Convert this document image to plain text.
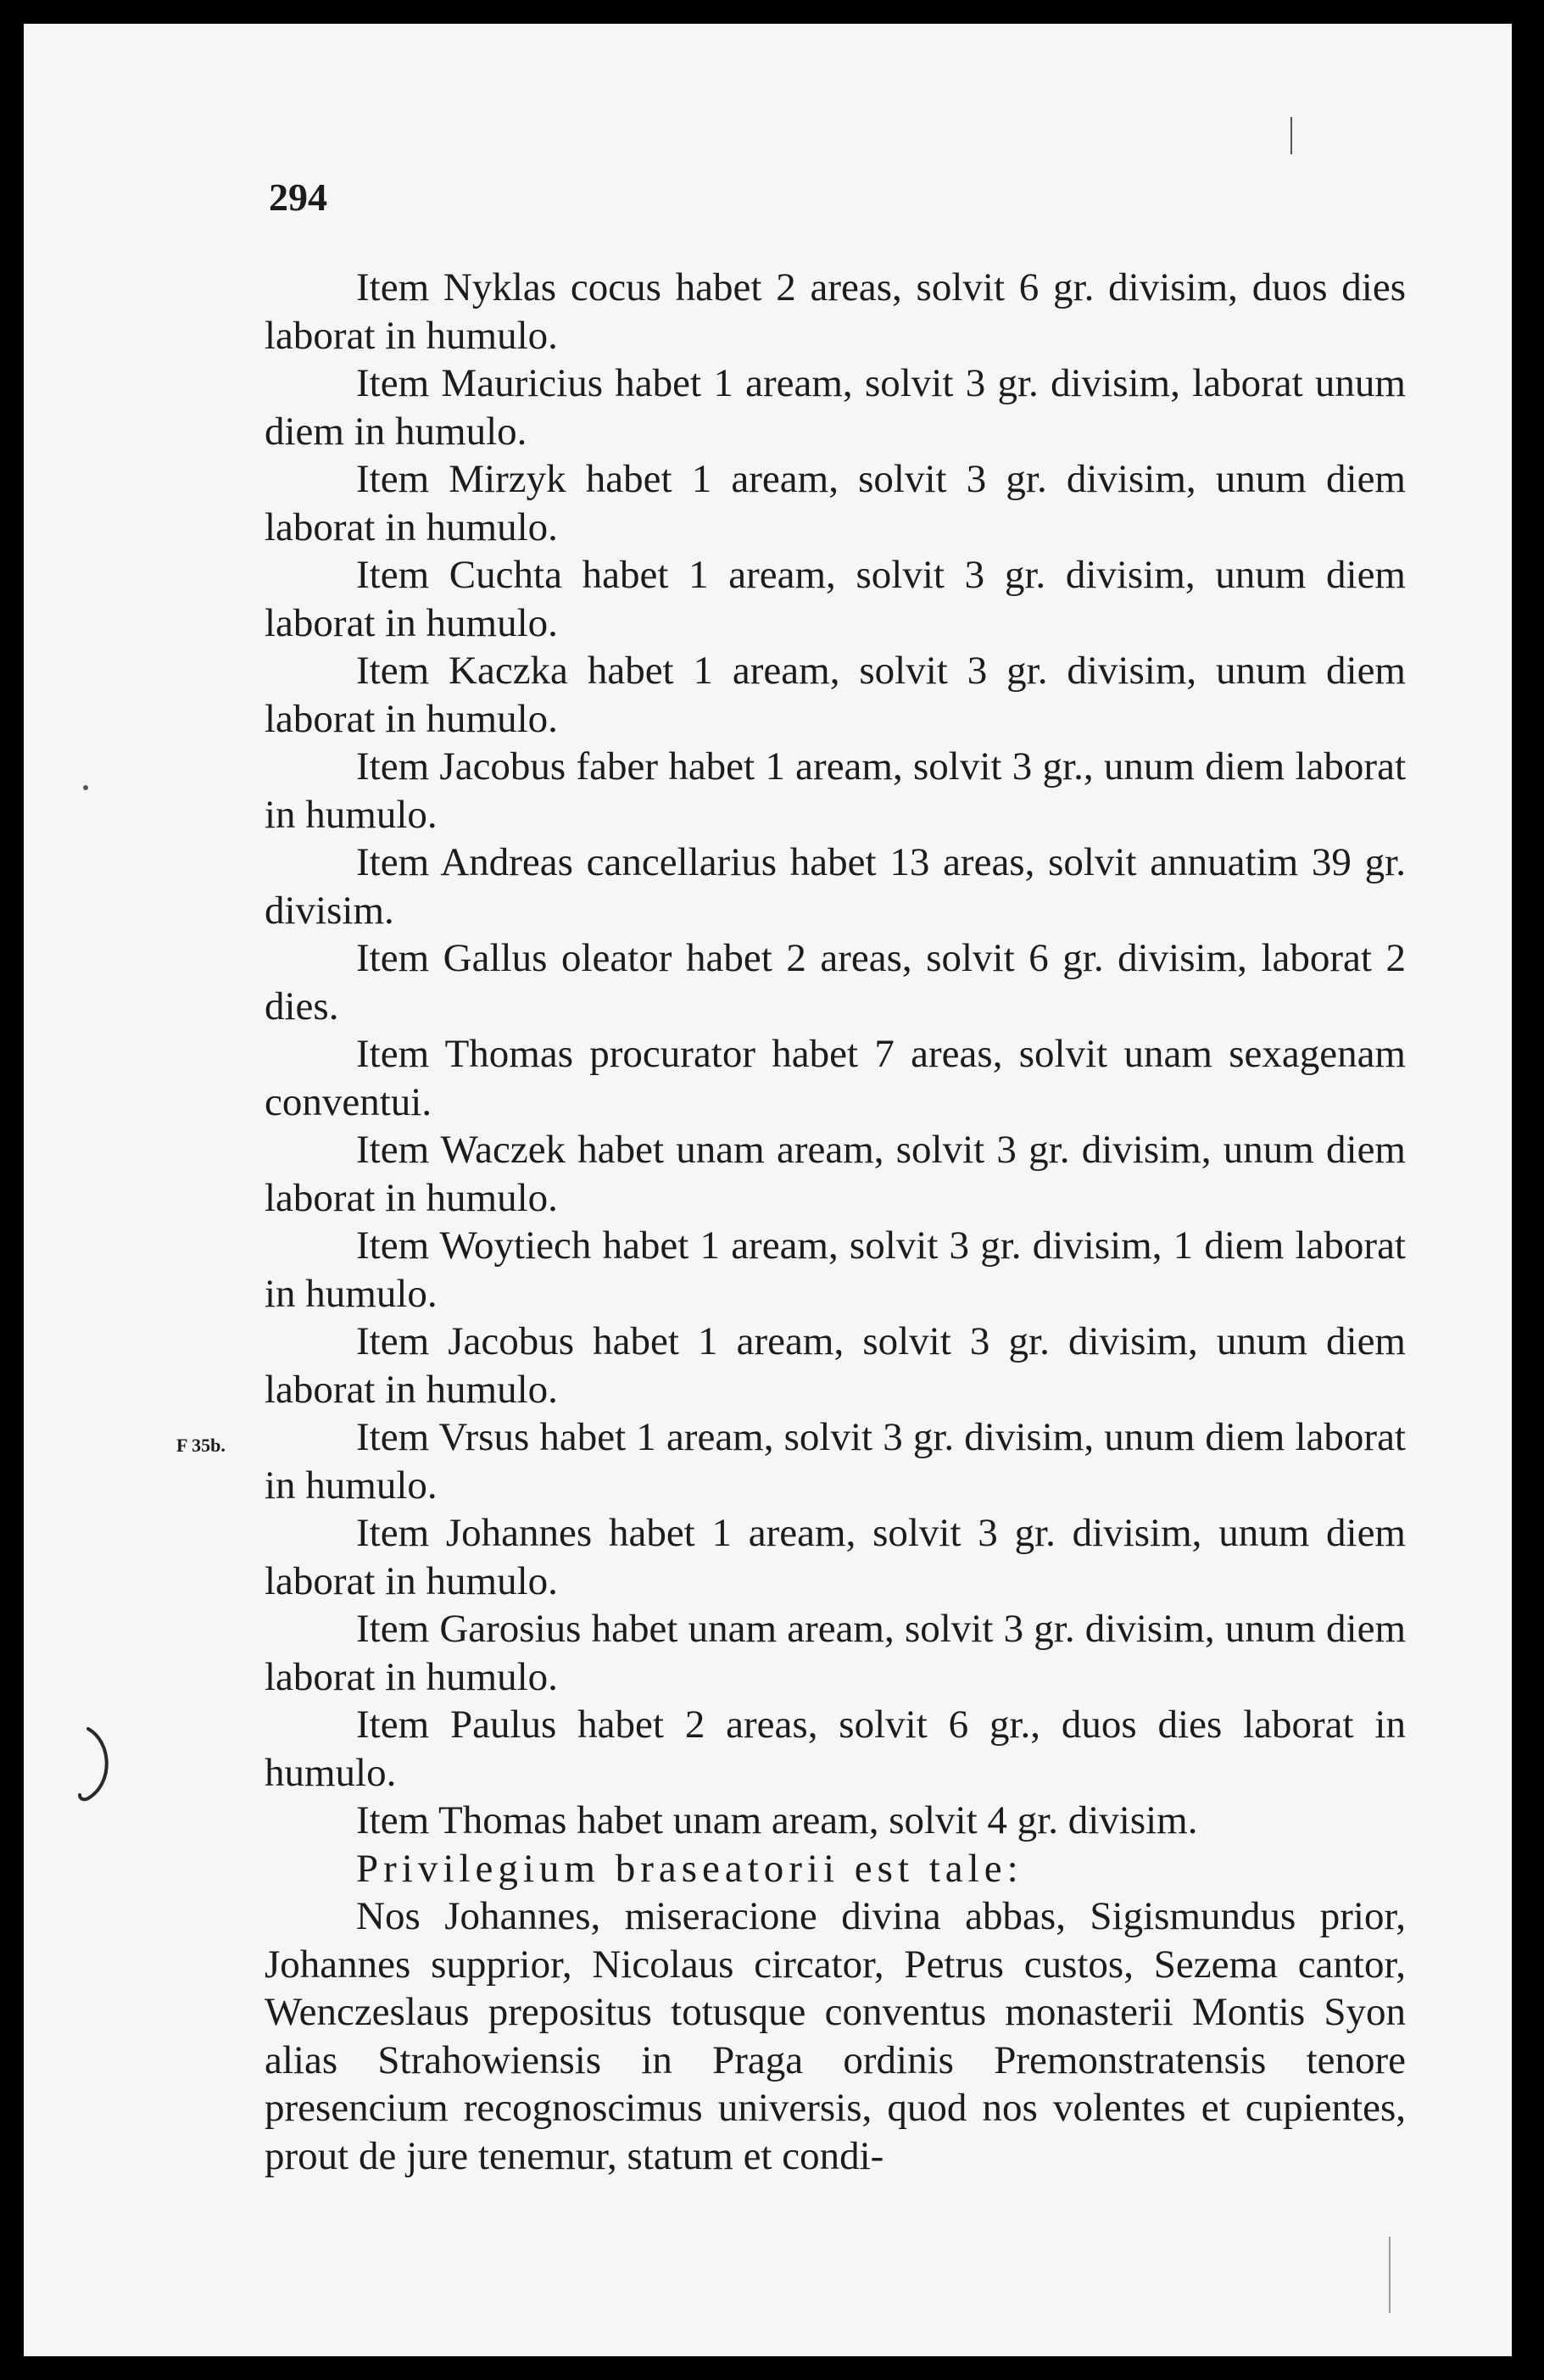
294

F 35b.

Item Nyklas cocus habet 2 areas, solvit 6 gr. divisim, duos dies laborat in humulo.

Item Mauricius habet 1 aream, solvit 3 gr. divisim, laborat unum diem in humulo.

Item Mirzyk habet 1 aream, solvit 3 gr. divisim, unum diem laborat in humulo.

Item Cuchta habet 1 aream, solvit 3 gr. divisim, unum diem laborat in humulo.

Item Kaczka habet 1 aream, solvit 3 gr. divisim, unum diem laborat in humulo.

Item Jacobus faber habet 1 aream, solvit 3 gr., unum diem laborat in humulo.

Item Andreas cancellarius habet 13 areas, solvit annuatim 39 gr. divisim.

Item Gallus oleator habet 2 areas, solvit 6 gr. divisim, laborat 2 dies.

Item Thomas procurator habet 7 areas, solvit unam sexagenam conventui.

Item Waczek habet unam aream, solvit 3 gr. divisim, unum diem laborat in humulo.

Item Woytiech habet 1 aream, solvit 3 gr. divisim, 1 diem laborat in humulo.

Item Jacobus habet 1 aream, solvit 3 gr. divisim, unum diem laborat in humulo.

Item Vrsus habet 1 aream, solvit 3 gr. divisim, unum diem laborat in humulo.

Item Johannes habet 1 aream, solvit 3 gr. divisim, unum diem laborat in humulo.

Item Garosius habet unam aream, solvit 3 gr. divisim, unum diem laborat in humulo.

Item Paulus habet 2 areas, solvit 6 gr., duos dies laborat in humulo.

Item Thomas habet unam aream, solvit 4 gr. divisim.

Privilegium braseatorii est tale:

Nos Johannes, miseracione divina abbas, Sigismundus prior, Johannes supprior, Nicolaus circator, Petrus custos, Sezema cantor, Wenczeslaus prepositus totusque conventus monasterii Montis Syon alias Strahowiensis in Praga ordinis Premonstratensis tenore presencium recognoscimus universis, quod nos volentes et cupientes, prout de jure tenemur, statum et condi-
